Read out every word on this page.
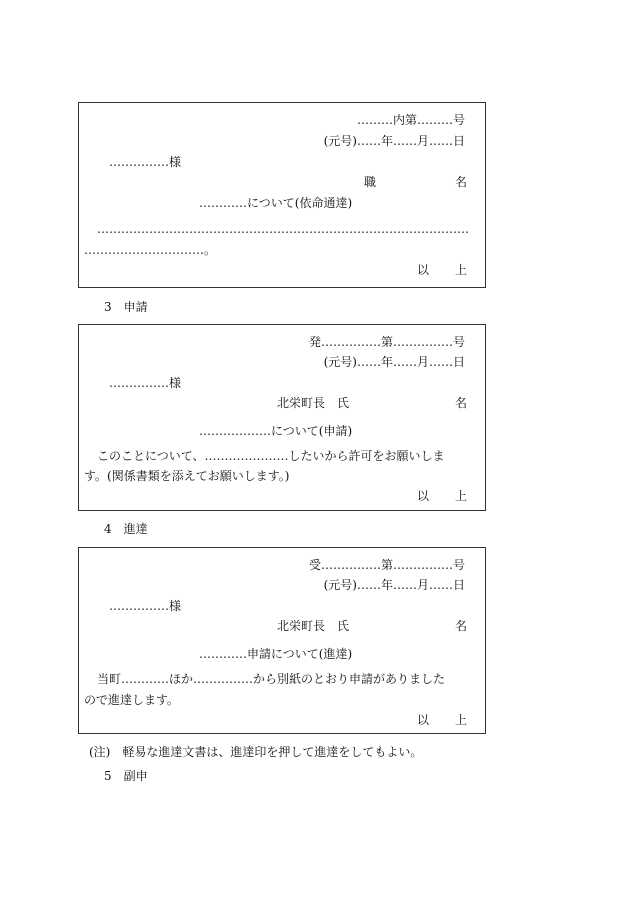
………内第………号
(元号)……年……月……日
……………様
職	名
…………について(依命通達)
…………………………………………………………………………………
…………………………。
以 上
3　申請
発……………第……………号
(元号)……年……月……日
……………様
北栄町長　氏	名
………………について(申請)
このことについて、…………………したいから許可をお願いしま
す。(関係書類を添えてお願いします。)
以 上
4　進達
受……………第……………号
(元号)……年……月……日
……………様
北栄町長　氏	名
…………申請について(進達)
当町…………ほか……………から別紙のとおり申請がありました
ので進達します。
以 上
(注)　軽易な進達文書は、進達印を押して進達をしてもよい。
5　副申
